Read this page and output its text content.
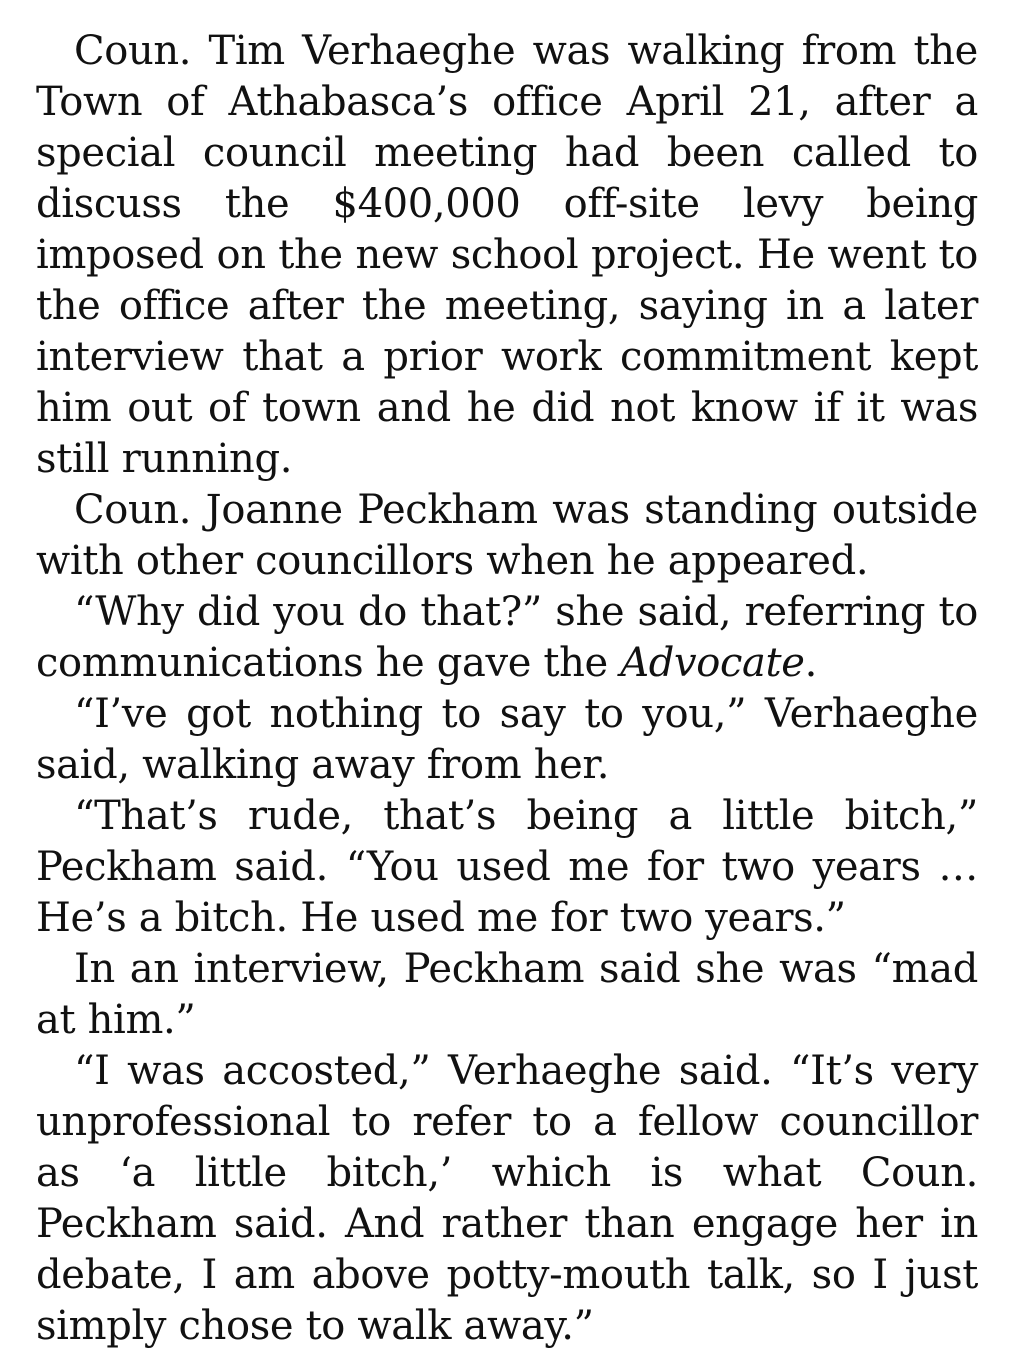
Coun. Tim Verhaeghe was walking from the Town of Athabasca’s office April 21, after a special council meeting had been called to discuss the $400,000 off-site levy being imposed on the new school project. He went to the office after the meeting, saying in a later interview that a prior work commitment kept him out of town and he did not know if it was still running.

Coun. Joanne Peckham was standing outside with other councillors when he appeared.

“Why did you do that?” she said, referring to communications he gave the Advocate.

“I’ve got nothing to say to you,” Verhaeghe said, walking away from her.

“That’s rude, that’s being a little bitch,” Peckham said. “You used me for two years … He’s a bitch. He used me for two years.”

In an interview, Peckham said she was “mad at him.”

“I was accosted,” Verhaeghe said. “It’s very unprofessional to refer to a fellow councillor as ‘a little bitch,’ which is what Coun. Peckham said. And rather than engage her in debate, I am above potty-mouth talk, so I just simply chose to walk away.”
